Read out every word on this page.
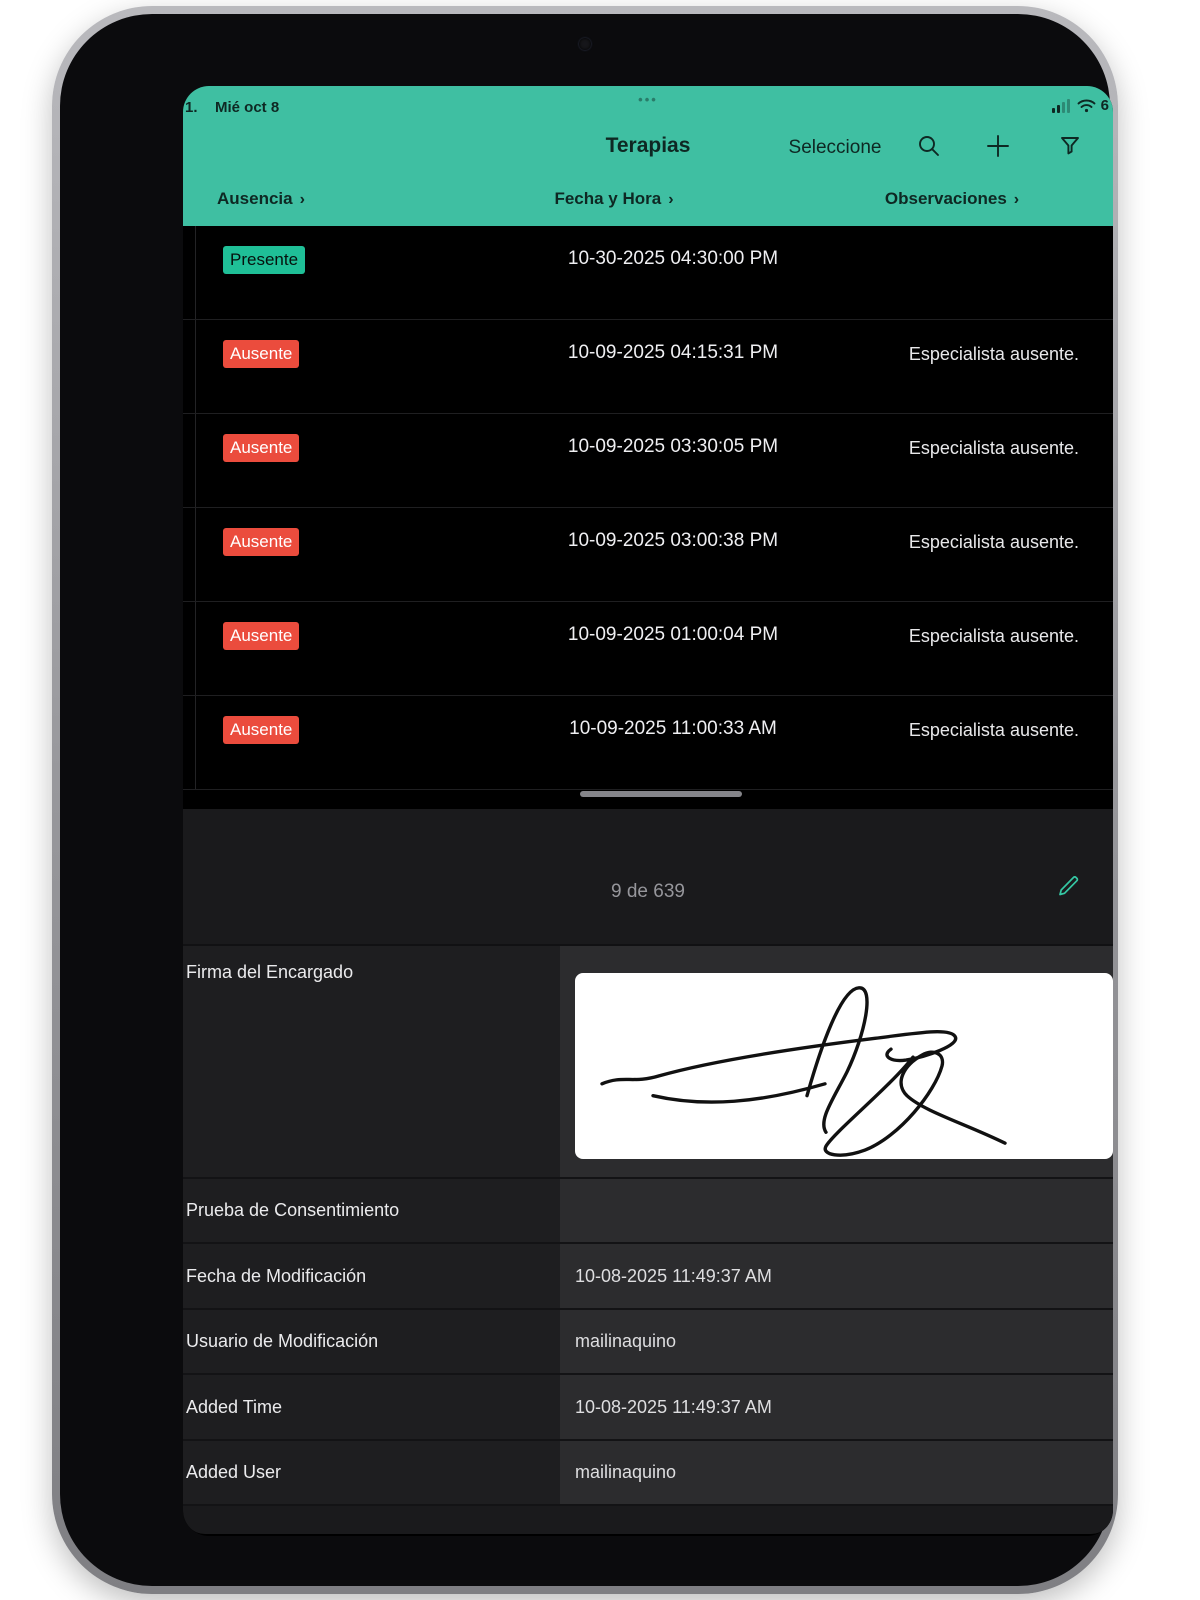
1. Mié oct 8	•••	6
Terapias	Seleccione
Ausencia ›	Fecha y Hora ›	Observaciones ›
Presente	10-30-2025 04:30:00 PM
Ausente	10-09-2025 04:15:31 PM	Especialista ausente.
Ausente	10-09-2025 03:30:05 PM	Especialista ausente.
Ausente	10-09-2025 03:00:38 PM	Especialista ausente.
Ausente	10-09-2025 01:00:04 PM	Especialista ausente.
Ausente	10-09-2025 11:00:33 AM	Especialista ausente.
9 de 639
Firma del Encargado
Prueba de Consentimiento
Fecha de Modificación	10-08-2025 11:49:37 AM
Usuario de Modificación	mailinaquino
Added Time	10-08-2025 11:49:37 AM
Added User	mailinaquino
